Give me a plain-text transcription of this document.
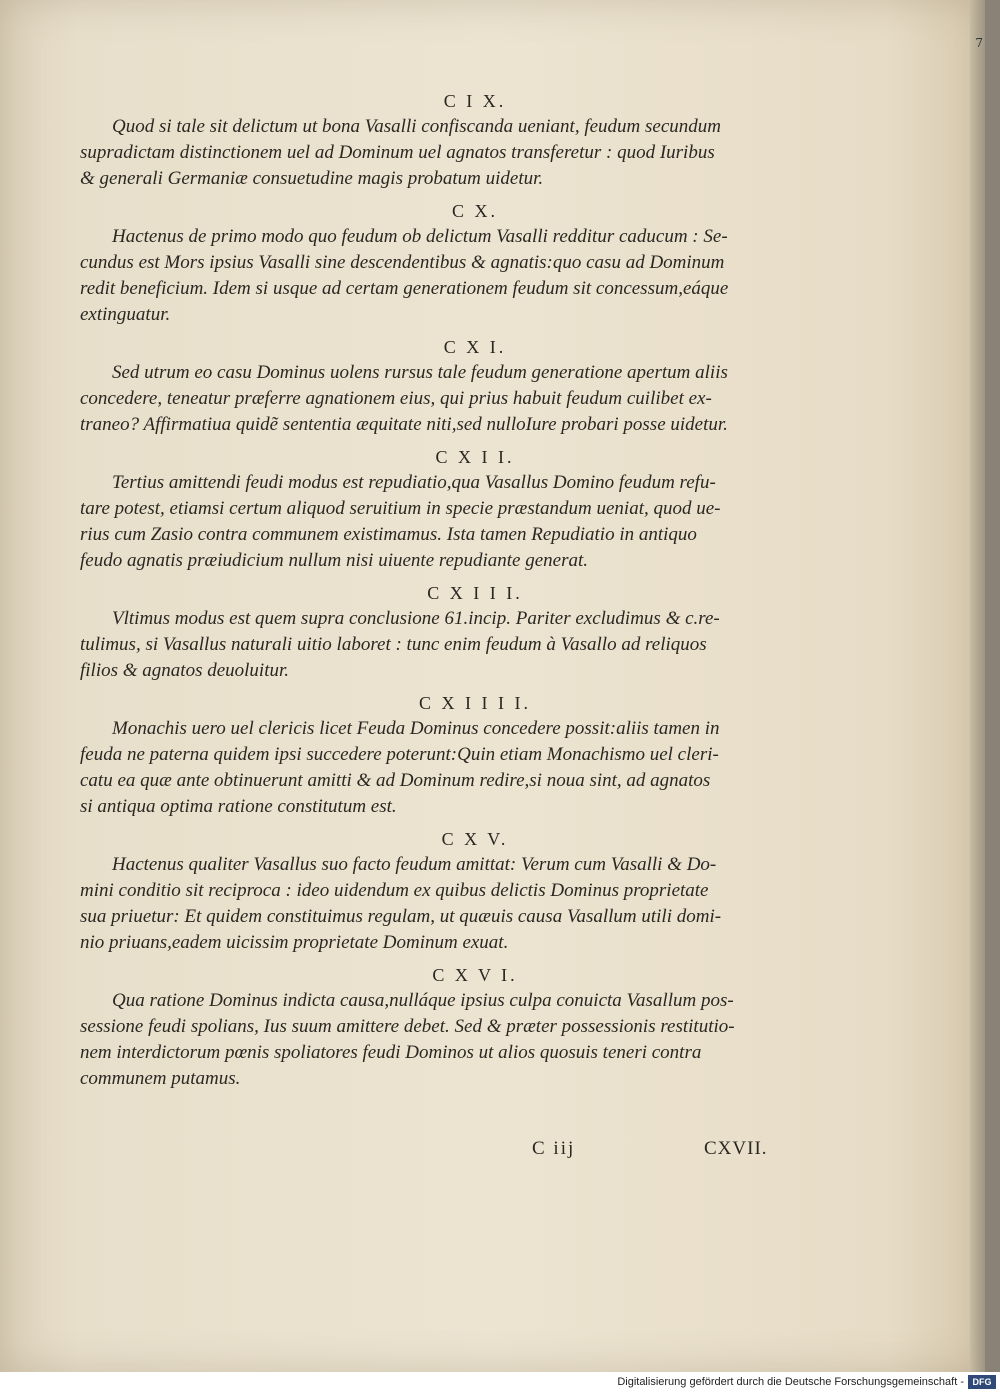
7
C I X.
Quod si tale sit delictum ut bona Vasalli confiscanda ueniant, feudum secundum
supradictam distinctionem uel ad Dominum uel agnatos transferetur : quod Iuribus
& generali Germaniæ consuetudine magis probatum uidetur.
C X.
Hactenus de primo modo quo feudum ob delictum Vasalli redditur caducum : Se-
cundus est Mors ipsius Vasalli sine descendentibus & agnatis:quo casu ad Dominum
redit beneficium. Idem si usque ad certam generationem feudum sit concessum,eáque
extinguatur.
C X I.
Sed utrum eo casu Dominus uolens rursus tale feudum generatione apertum aliis
concedere, teneatur præferre agnationem eius, qui prius habuit feudum cuilibet ex-
traneo? Affirmatiua quidẽ sententia æquitate niti,sed nulloIure probari posse uidetur.
C X I I.
Tertius amittendi feudi modus est repudiatio,qua Vasallus Domino feudum refu-
tare potest, etiamsi certum aliquod seruitium in specie præstandum ueniat, quod ue-
rius cum Zasio contra communem existimamus. Ista tamen Repudiatio in antiquo
feudo agnatis præiudicium nullum nisi uiuente repudiante generat.
C X I I I.
Vltimus modus est quem supra conclusione 61.incip. Pariter excludimus & c.re-
tulimus, si Vasallus naturali uitio laboret : tunc enim feudum à Vasallo ad reliquos
filios & agnatos deuoluitur.
C X I I I I.
Monachis uero uel clericis licet Feuda Dominus concedere possit:aliis tamen in
feuda ne paterna quidem ipsi succedere poterunt:Quin etiam Monachismo uel cleri-
catu ea quæ ante obtinuerunt amitti & ad Dominum redire,si noua sint, ad agnatos
si antiqua optima ratione constitutum est.
C X V.
Hactenus qualiter Vasallus suo facto feudum amittat: Verum cum Vasalli & Do-
mini conditio sit reciproca : ideo uidendum ex quibus delictis Dominus proprietate
sua priuetur: Et quidem constituimus regulam, ut quæuis causa Vasallum utili domi-
nio priuans,eadem uicissim proprietate Dominum exuat.
C X V I.
Qua ratione Dominus indicta causa,nulláque ipsius culpa conuicta Vasallum pos-
sessione feudi spolians, Ius suum amittere debet. Sed & præter possessionis restitutio-
nem interdictorum pœnis spoliatores feudi Dominos ut alios quosuis teneri contra
communem putamus.
C iij	CXVII.
Digitalisierung gefördert durch die Deutsche Forschungsgemeinschaft - DFG
